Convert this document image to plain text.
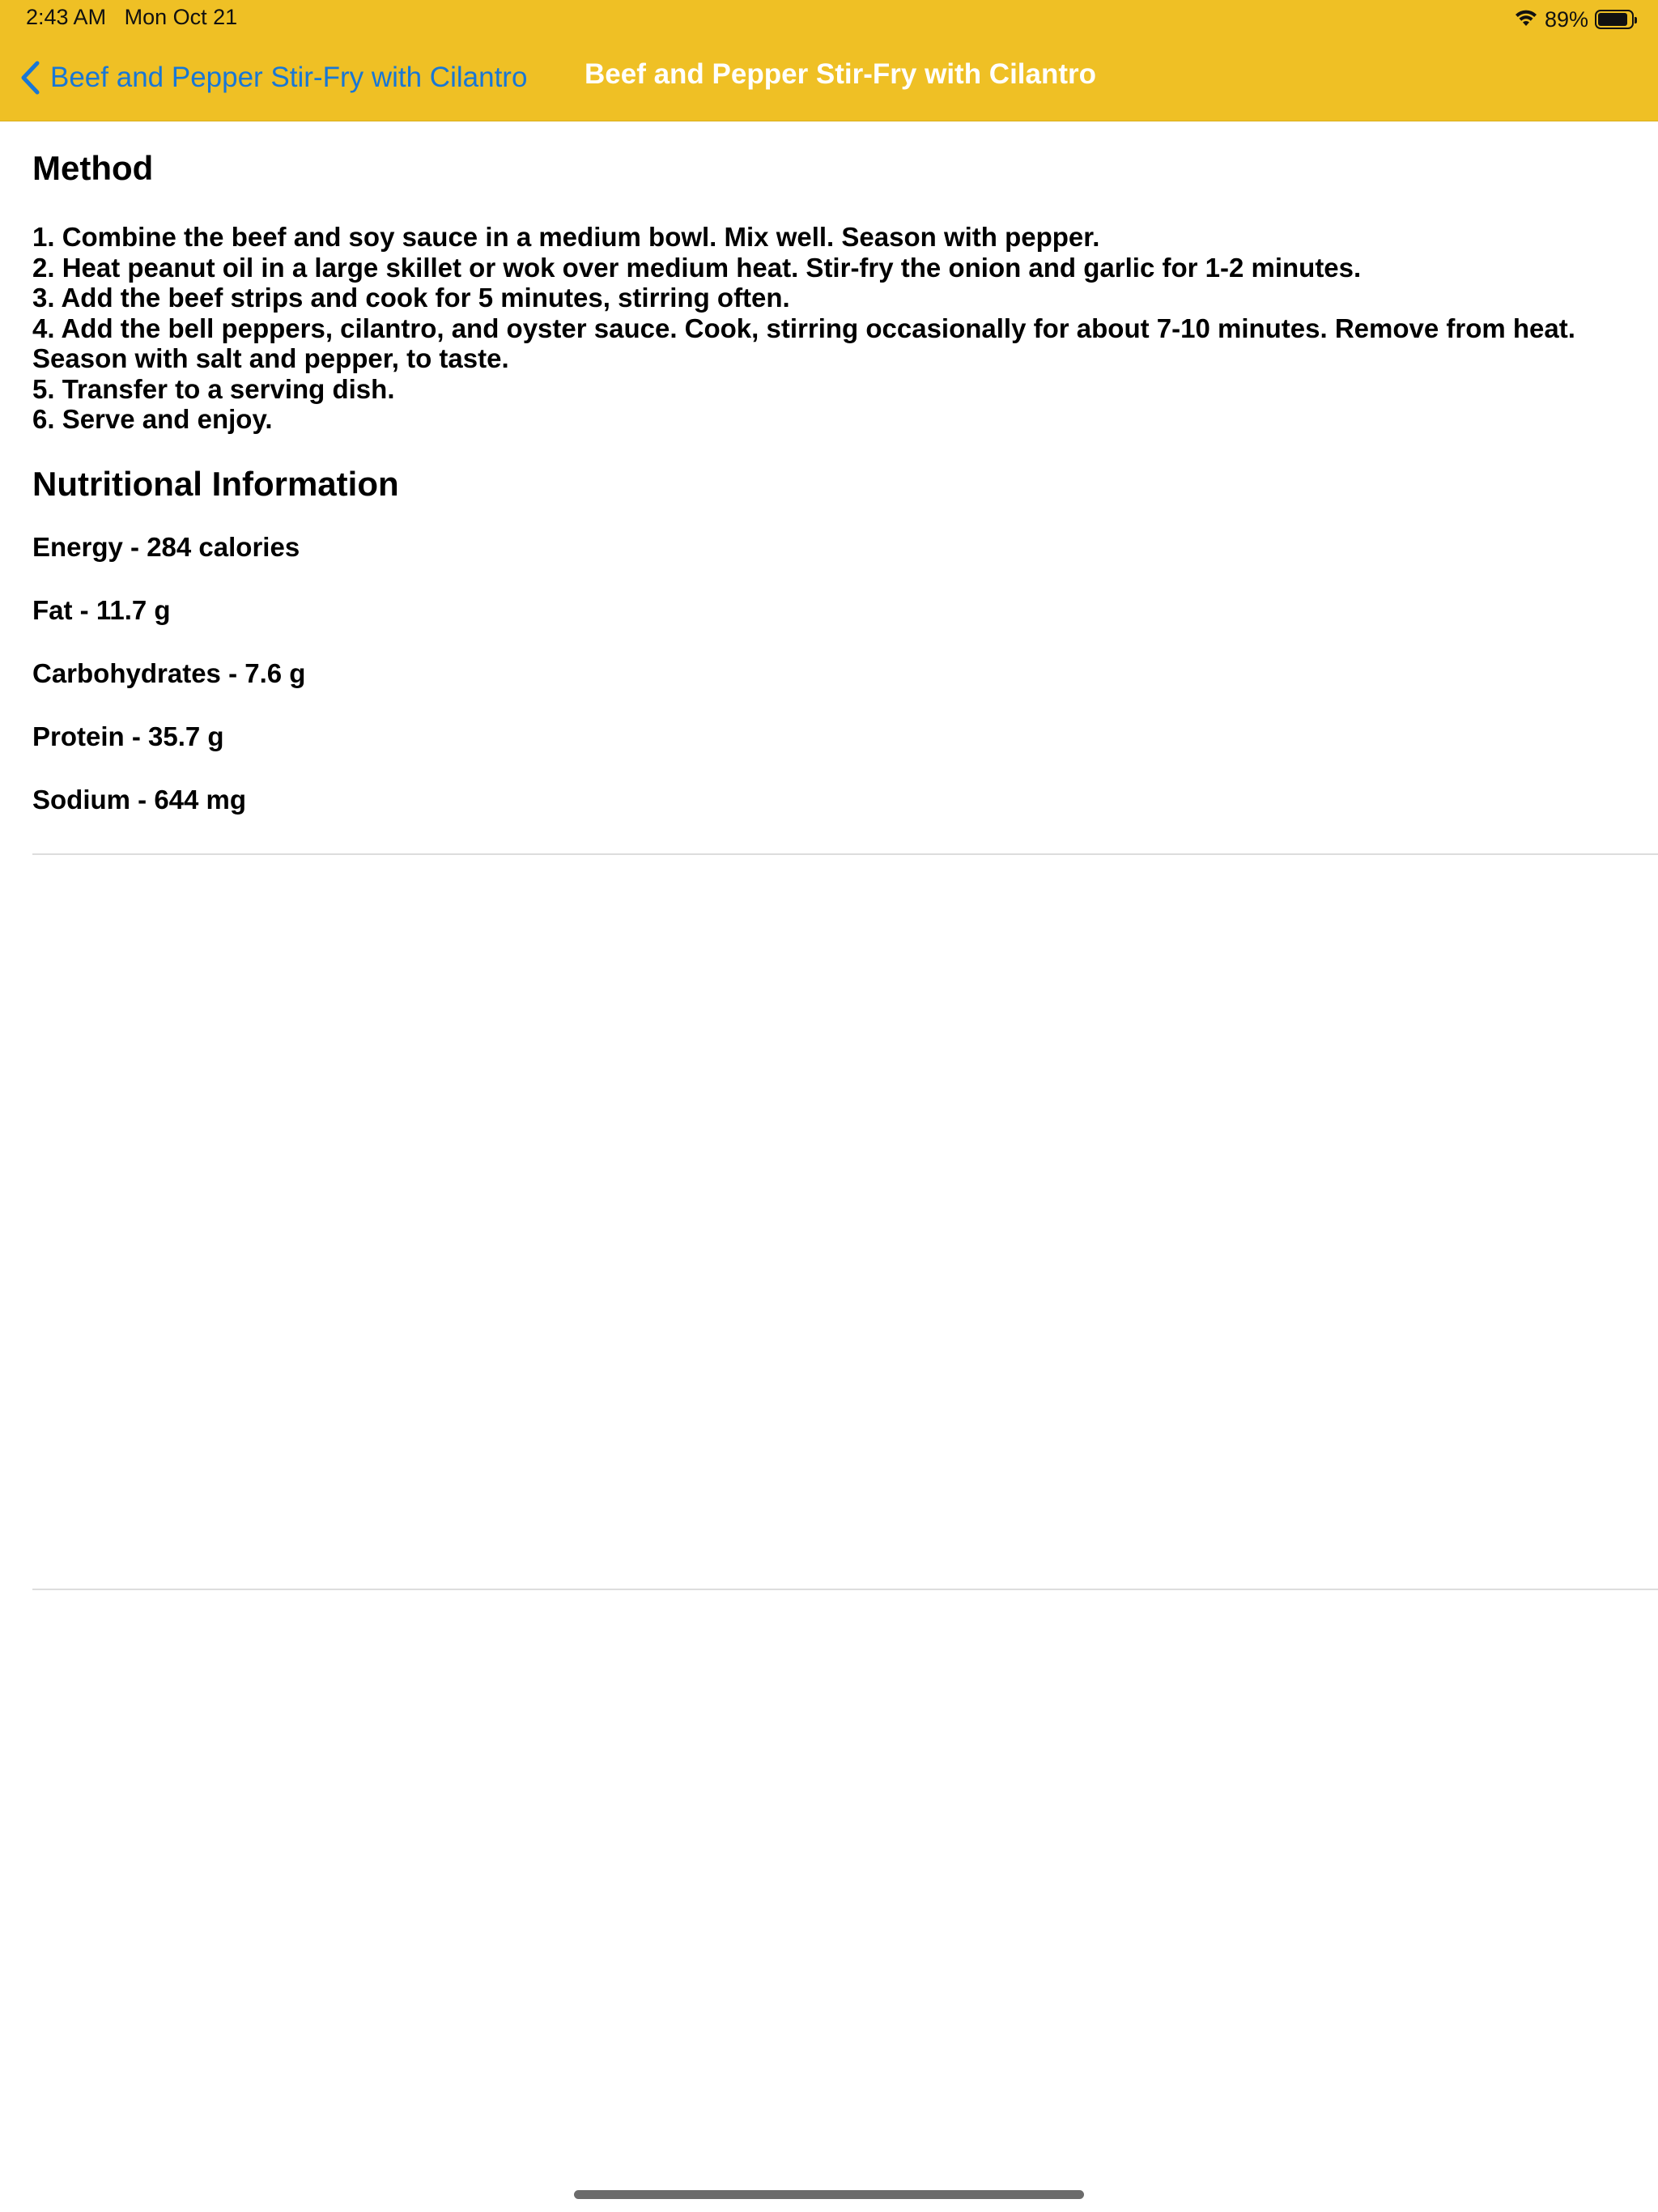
2:43 AM Mon Oct 21	89%
Beef and Pepper Stir-Fry with Cilantro Beef and Pepper Stir-Fry with Cilantro
Method
1. Combine the beef and soy sauce in a medium bowl. Mix well. Season with pepper.
2. Heat peanut oil in a large skillet or wok over medium heat. Stir-fry the onion and garlic for 1-2 minutes.
3. Add the beef strips and cook for 5 minutes, stirring often.
4. Add the bell peppers, cilantro, and oyster sauce. Cook, stirring occasionally for about 7-10 minutes. Remove from heat. Season with salt and pepper, to taste.
5. Transfer to a serving dish.
6. Serve and enjoy.
Nutritional Information
Energy - 284 calories
Fat - 11.7 g
Carbohydrates - 7.6 g
Protein - 35.7 g
Sodium - 644 mg
